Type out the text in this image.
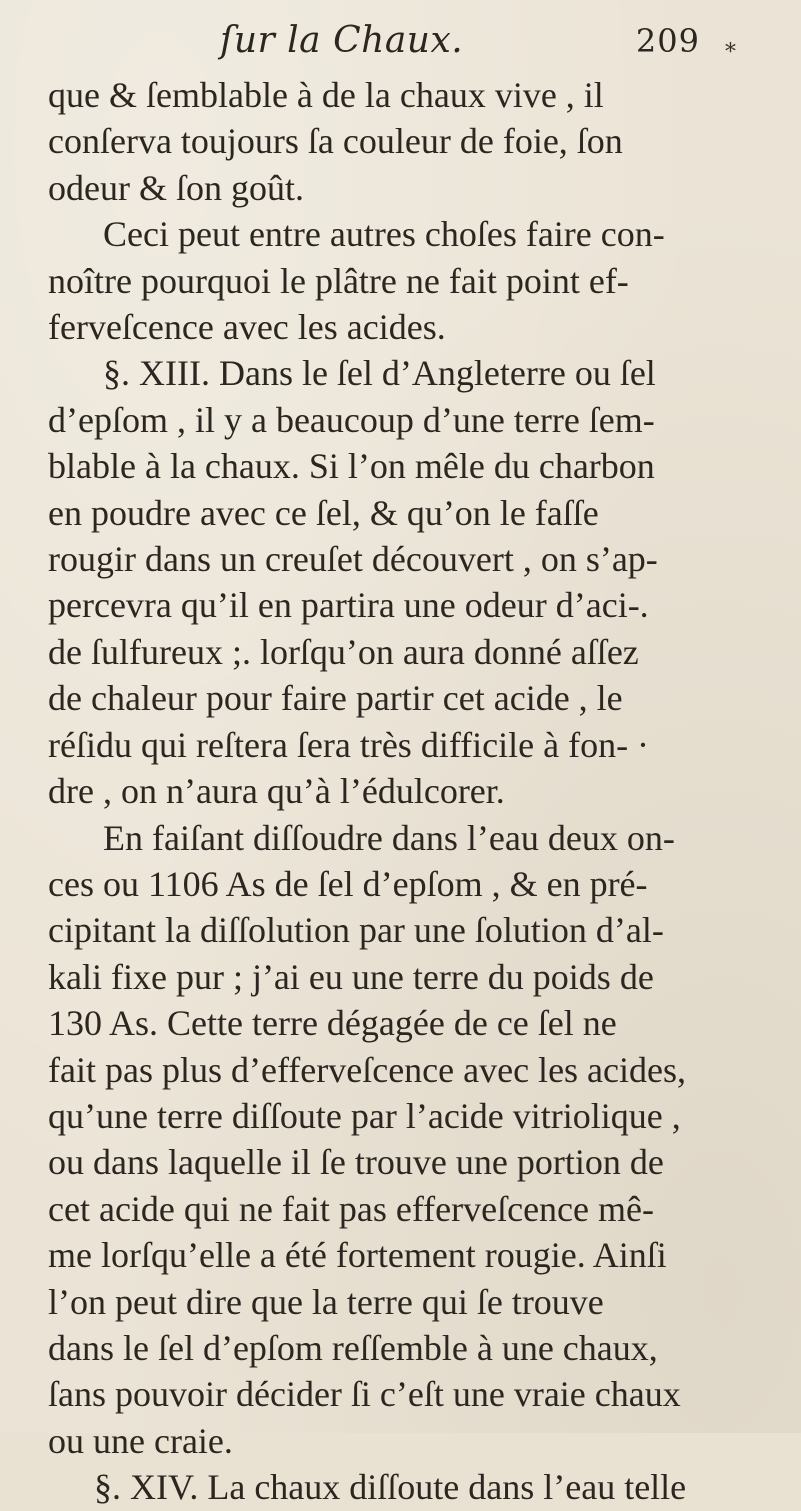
ſur la Chaux.	209 *
que & ſemblable à de la chaux vive , il
conſerva toujours ſa couleur de foie, ſon
odeur & ſon goût.
Ceci peut entre autres choſes faire con-
noître pourquoi le plâtre ne fait point ef-
ferveſcence avec les acides.
§. XIII. Dans le ſel d’Angleterre ou ſel
d’epſom , il y a beaucoup d’une terre ſem-
blable à la chaux. Si l’on mêle du charbon
en poudre avec ce ſel, & qu’on le faſſe
rougir dans un creuſet découvert , on s’ap-
percevra qu’il en partira une odeur d’aci-.
de ſulfureux ;. lorſqu’on aura donné aſſez
de chaleur pour faire partir cet acide , le
réſidu qui reſtera ſera très difficile à fon- ·
dre , on n’aura qu’à l’édulcorer.
En faiſant diſſoudre dans l’eau deux on-
ces ou 1106 As de ſel d’epſom , & en pré-
cipitant la diſſolution par une ſolution d’al-
kali fixe pur ; j’ai eu une terre du poids de
130 As. Cette terre dégagée de ce ſel ne
fait pas plus d’efferveſcence avec les acides,
qu’une terre diſſoute par l’acide vitriolique ,
ou dans laquelle il ſe trouve une portion de
cet acide qui ne fait pas efferveſcence mê-
me lorſqu’elle a été fortement rougie. Ainſi
l’on peut dire que la terre qui ſe trouve
dans le ſel d’epſom reſſemble à une chaux,
ſans pouvoir décider ſi c’eſt une vraie chaux
ou une craie.
§. XIV. La chaux diſſoute dans l’eau telle
